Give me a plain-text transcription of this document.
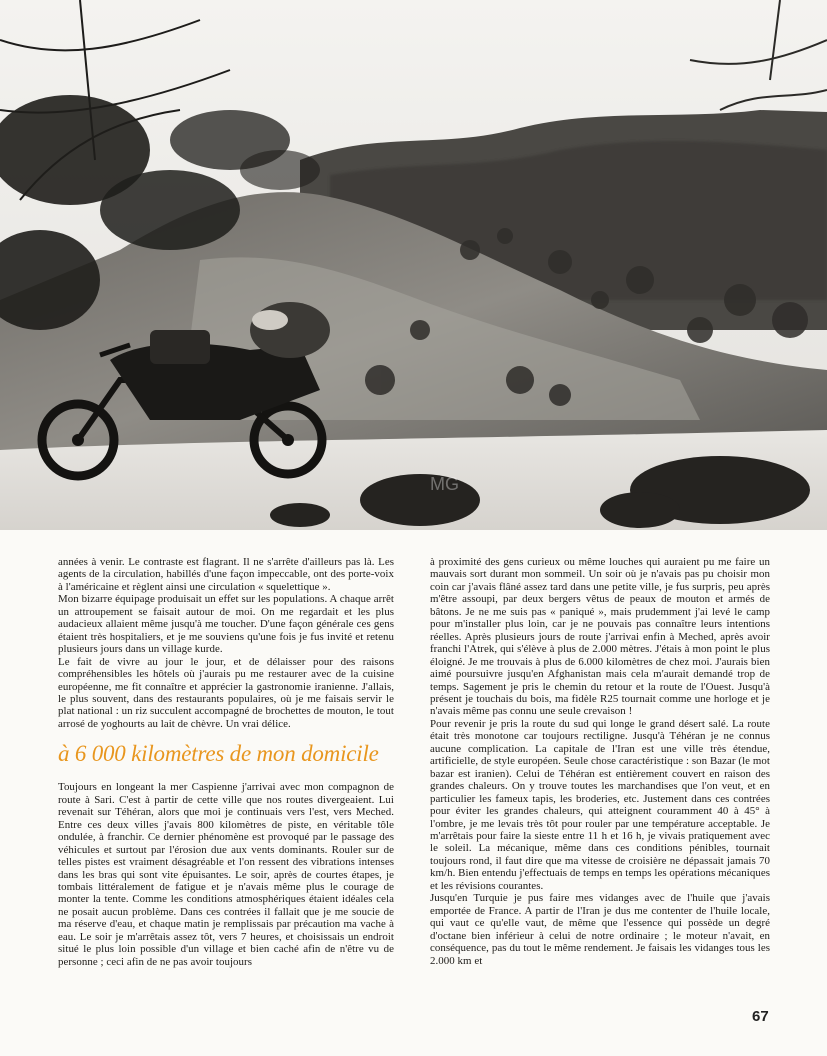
MG

années à venir. Le contraste est flagrant. Il ne s'arrête d'ailleurs pas là. Les agents de la circulation, habillés d'une façon impeccable, ont des porte-voix à l'américaine et règlent ainsi une circulation « squelettique ».

Mon bizarre équipage produisait un effet sur les populations. A chaque arrêt un attroupement se faisait autour de moi. On me regardait et les plus audacieux allaient même jusqu'à me toucher. D'une façon générale ces gens étaient très hospitaliers, et je me souviens qu'une fois je fus invité et retenu plusieurs jours dans un village kurde.

Le fait de vivre au jour le jour, et de délaisser pour des raisons compréhensibles les hôtels où j'aurais pu me restaurer avec de la cuisine européenne, me fit connaître et apprécier la gastronomie iranienne. J'allais, le plus souvent, dans des restaurants populaires, où je me faisais servir le plat national : un riz succulent accompagné de brochettes de mouton, le tout arrosé de yoghourts au lait de chèvre. Un vrai délice.

à 6 000 kilomètres de mon domicile

Toujours en longeant la mer Caspienne j'arrivai avec mon compagnon de route à Sari. C'est à partir de cette ville que nos routes divergeaient. Lui revenait sur Téhéran, alors que moi je continuais vers l'est, vers Meched. Entre ces deux villes j'avais 800 kilomètres de piste, en véritable tôle ondulée, à franchir. Ce dernier phénomène est provoqué par le passage des véhicules et surtout par l'érosion due aux vents dominants. Rouler sur de telles pistes est vraiment désagréable et l'on ressent des vibrations intenses dans les bras qui sont vite épuisantes. Le soir, après de courtes étapes, je tombais littéralement de fatigue et je n'avais même plus le courage de monter la tente. Comme les conditions atmosphériques étaient idéales cela ne posait aucun problème. Dans ces contrées il fallait que je me soucie de ma réserve d'eau, et chaque matin je remplissais par précaution ma vache à eau. Le soir je m'arrêtais assez tôt, vers 7 heures, et choisissais un endroit situé le plus loin possible d'un village et bien caché afin de n'être vu de personne ; ceci afin de ne pas avoir toujours

à proximité des gens curieux ou même louches qui auraient pu me faire un mauvais sort durant mon sommeil. Un soir où je n'avais pas pu choisir mon coin car j'avais flâné assez tard dans une petite ville, je fus surpris, peu après m'être assoupi, par deux bergers vêtus de peaux de mouton et armés de bâtons. Je ne me suis pas « paniqué », mais prudemment j'ai levé le camp pour m'installer plus loin, car je ne pouvais pas connaître leurs intentions réelles. Après plusieurs jours de route j'arrivai enfin à Meched, après avoir franchi l'Atrek, qui s'élève à plus de 2.000 mètres. J'étais à mon point le plus éloigné. Je me trouvais à plus de 6.000 kilomètres de chez moi. J'aurais bien aimé poursuivre jusqu'en Afghanistan mais cela m'aurait demandé trop de temps. Sagement je pris le chemin du retour et la route de l'Ouest. Jusqu'à présent je touchais du bois, ma fidèle R25 tournait comme une horloge et je n'avais même pas connu une seule crevaison !

Pour revenir je pris la route du sud qui longe le grand désert salé. La route était très monotone car toujours rectiligne. Jusqu'à Téhéran je ne connus aucune complication. La capitale de l'Iran est une ville très étendue, artificielle, de style européen. Seule chose caractéristique : son Bazar (le mot bazar est iranien). Celui de Téhéran est entièrement couvert en raison des grandes chaleurs. On y trouve toutes les marchandises que l'on veut, et en particulier les fameux tapis, les broderies, etc. Justement dans ces contrées pour éviter les grandes chaleurs, qui atteignent couramment 40 à 45° à l'ombre, je me levais très tôt pour rouler par une température acceptable. Je m'arrêtais pour faire la sieste entre 11 h et 16 h, je vivais pratiquement avec le soleil. La mécanique, même dans ces conditions pénibles, tournait toujours rond, il faut dire que ma vitesse de croisière ne dépassait jamais 70 km/h. Bien entendu j'effectuais de temps en temps les opérations mécaniques et les révisions courantes.

Jusqu'en Turquie je pus faire mes vidanges avec de l'huile que j'avais emportée de France. A partir de l'Iran je dus me contenter de l'huile locale, qui vaut ce qu'elle vaut, de même que l'essence qui possède un degré d'octane bien inférieur à celui de notre ordinaire ; le moteur n'avait, en conséquence, pas du tout le même rendement. Je faisais les vidanges tous les 2.000 km et

67
